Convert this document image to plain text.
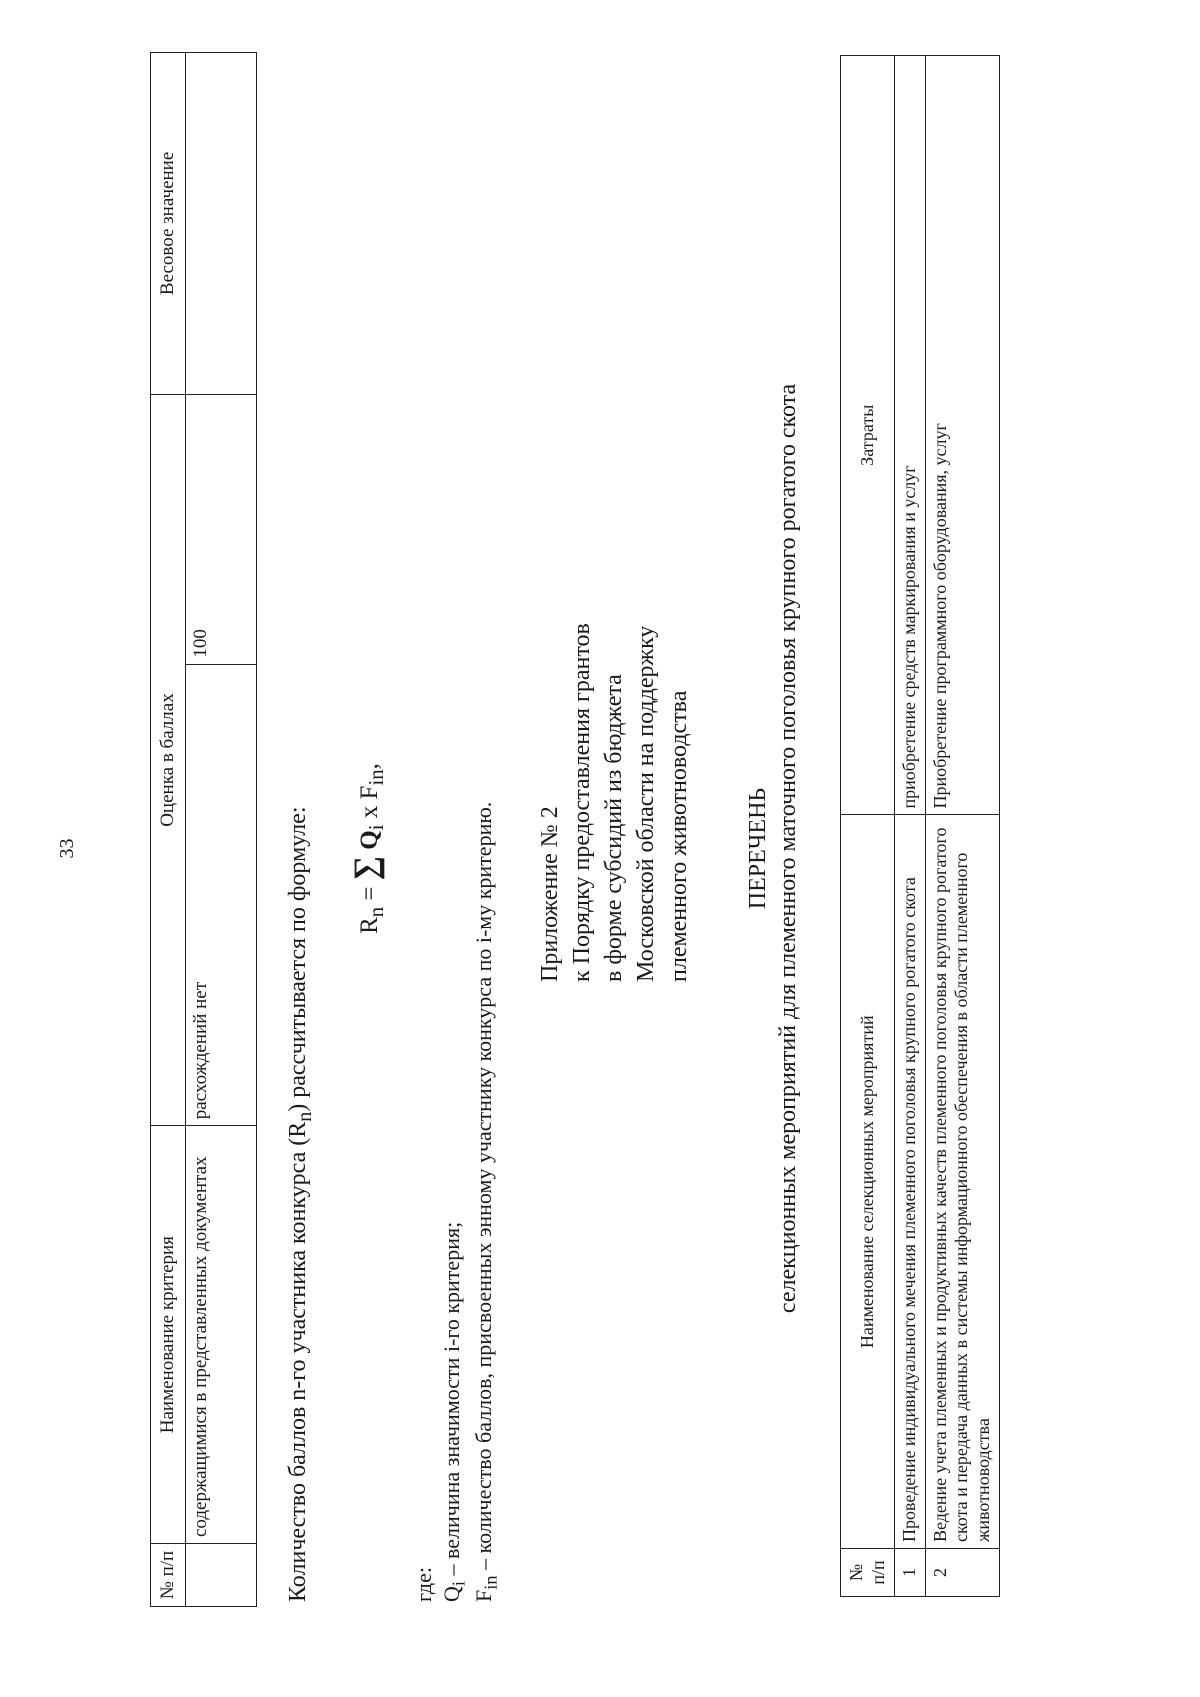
33
№ п/п	Наименование критерия	Оценка в баллах		Весовое значение
	содержащимися в представленных документах	расхождений нет	100	
Количество баллов n-го участника конкурса $(R_n)$ рассчитывается по формуле:	$R_n$ = ∑ $Q_i$ x $F_{in}$,
где: $Q_i$ – величина значимости i-го критерия;
$F_{in}$ – количество баллов, присвоенных энному участнику конкурса по i-му критерию. Приложение № 2 к Порядку предоставления грантов в форме субсидий из бюджета Московской области на поддержку племенного животноводства ПЕРЕЧЕНЬ селекционных мероприятий для племенного маточного поголовья крупного рогатого скота
№ п/п	Наименование селекционных мероприятий	Затраты
1	Проведение индивидуального мечения племенного поголовья крупного рогатого скота	приобретение средств маркирования и услуг
2	Ведение учета племенных и продуктивных качеств племенного поголовья крупного рогатого скота и передача данных в системы информационного обеспечения в области племенного животноводства	Приобретение программного оборудования, услуг
